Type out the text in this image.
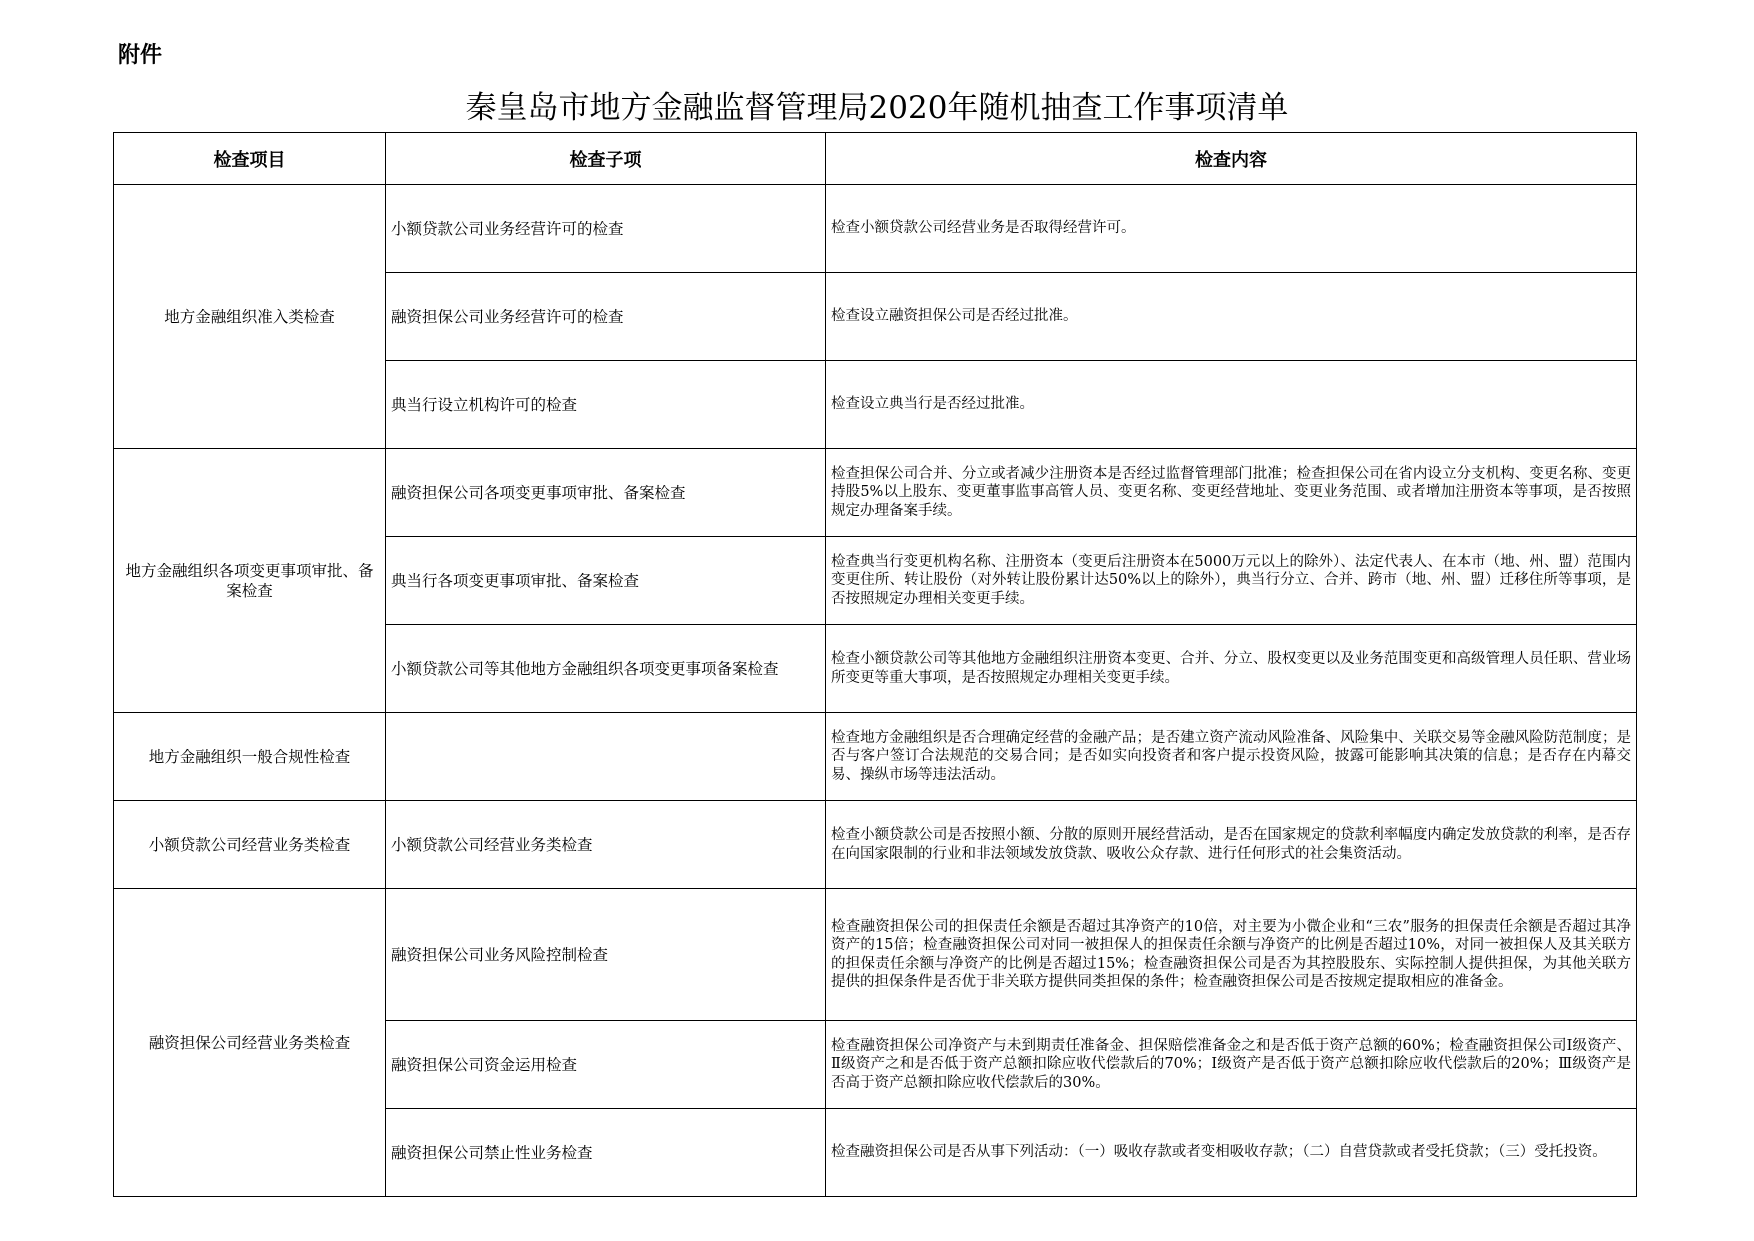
附件
秦皇岛市地方金融监督管理局2020年随机抽查工作事项清单
检查项目	检查子项	检查内容
地方金融组织准入类检查	小额贷款公司业务经营许可的检查	检查小额贷款公司经营业务是否取得经营许可。
	融资担保公司业务经营许可的检查	检查设立融资担保公司是否经过批准。
	典当行设立机构许可的检查	检查设立典当行是否经过批准。
地方金融组织各项变更事项审批、备案检查	融资担保公司各项变更事项审批、备案检查	检查担保公司合并、分立或者减少注册资本是否经过监督管理部门批准；检查担保公司在省内设立分支机构、变更名称、变更持股5%以上股东、变更董事监事高管人员、变更名称、变更经营地址、变更业务范围、或者增加注册资本等事项，是否按照规定办理备案手续。
	典当行各项变更事项审批、备案检查	检查典当行变更机构名称、注册资本（变更后注册资本在5000万元以上的除外）、法定代表人、在本市（地、州、盟）范围内变更住所、转让股份（对外转让股份累计达50%以上的除外），典当行分立、合并、跨市（地、州、盟）迁移住所等事项，是否按照规定办理相关变更手续。
	小额贷款公司等其他地方金融组织各项变更事项备案检查	检查小额贷款公司等其他地方金融组织注册资本变更、合并、分立、股权变更以及业务范围变更和高级管理人员任职、营业场所变更等重大事项，是否按照规定办理相关变更手续。
地方金融组织一般合规性检查		检查地方金融组织是否合理确定经营的金融产品；是否建立资产流动风险准备、风险集中、关联交易等金融风险防范制度；是否与客户签订合法规范的交易合同；是否如实向投资者和客户提示投资风险，披露可能影响其决策的信息；是否存在内幕交易、操纵市场等违法活动。
小额贷款公司经营业务类检查	小额贷款公司经营业务类检查	检查小额贷款公司是否按照小额、分散的原则开展经营活动，是否在国家规定的贷款利率幅度内确定发放贷款的利率，是否存在向国家限制的行业和非法领域发放贷款、吸收公众存款、进行任何形式的社会集资活动。
融资担保公司经营业务类检查	融资担保公司业务风险控制检查	检查融资担保公司的担保责任余额是否超过其净资产的10倍，对主要为小微企业和“三农”服务的担保责任余额是否超过其净资产的15倍；检查融资担保公司对同一被担保人的担保责任余额与净资产的比例是否超过10%，对同一被担保人及其关联方的担保责任余额与净资产的比例是否超过15%；检查融资担保公司是否为其控股股东、实际控制人提供担保，为其他关联方提供的担保条件是否优于非关联方提供同类担保的条件；检查融资担保公司是否按规定提取相应的准备金。
	融资担保公司资金运用检查	检查融资担保公司净资产与未到期责任准备金、担保赔偿准备金之和是否低于资产总额的60%；检查融资担保公司Ⅰ级资产、Ⅱ级资产之和是否低于资产总额扣除应收代偿款后的70%；Ⅰ级资产是否低于资产总额扣除应收代偿款后的20%；Ⅲ级资产是否高于资产总额扣除应收代偿款后的30%。
	融资担保公司禁止性业务检查	检查融资担保公司是否从事下列活动：（一）吸收存款或者变相吸收存款；（二）自营贷款或者受托贷款；（三）受托投资。
